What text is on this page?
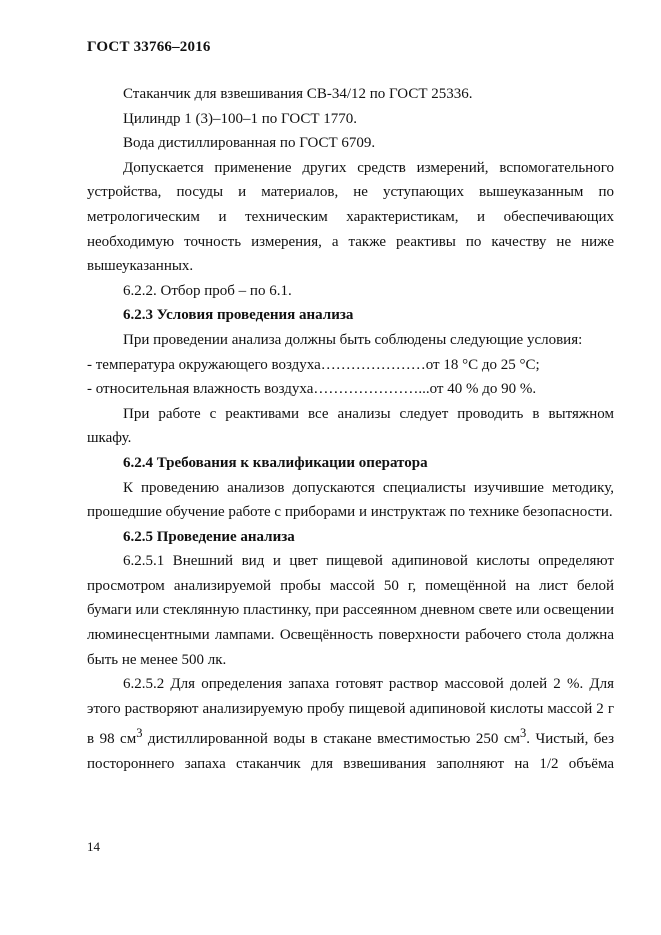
ГОСТ 33766–2016

Стаканчик для взвешивания СВ-34/12 по ГОСТ 25336.

Цилиндр 1 (3)–100–1 по ГОСТ 1770.

Вода дистиллированная по ГОСТ 6709.

Допускается применение других средств измерений, вспомогательного устройства, посуды и материалов, не уступающих вышеуказанным по метрологическим и техническим характеристикам, и обеспечивающих необходимую точность измерения, а также реактивы по качеству не ниже вышеуказанных.

6.2.2. Отбор проб – по 6.1.

6.2.3 Условия проведения анализа

При проведении анализа должны быть соблюдены следующие условия:

- температура окружающего воздуха…………………от 18 °С до 25 °С;

- относительная влажность воздуха…………………...от 40 % до 90 %.

При работе с реактивами все анализы следует проводить в вытяжном шкафу.

6.2.4 Требования к квалификации оператора

К проведению анализов допускаются специалисты изучившие методику, прошедшие обучение работе с приборами и инструктаж по технике безопасности.

6.2.5 Проведение анализа

6.2.5.1 Внешний вид и цвет пищевой адипиновой кислоты определяют просмотром анализируемой пробы массой 50 г, помещённой на лист белой бумаги или стеклянную пластинку, при рассеянном дневном свете или освещении люминесцентными лампами. Освещённость поверхности рабочего стола должна быть не менее 500 лк.

6.2.5.2 Для определения запаха готовят раствор массовой долей 2 %. Для этого растворяют анализируемую пробу пищевой адипиновой кислоты массой 2 г в 98 $см^3$ дистиллированной воды в стакане вместимостью 250 $см^3$. Чистый, без постороннего запаха стаканчик для взвешивания заполняют на 1/2 объёма

14
